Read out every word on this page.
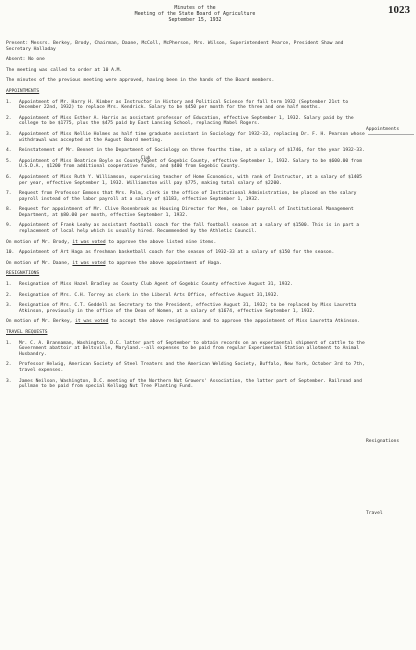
1023
Minutes of the
Meeting of the State Board of Agriculture
September 15, 1932
Appointments
Resignations
Travel

Present: Messrs. Berkey, Brody, Chairman, Daane, McColl, McPherson, Mrs. Wilson, Superintendent Pearce, President Shaw and Secretary Halladay

Absent: No one

The meeting was called to order at 10 A.M.

The minutes of the previous meeting were approved, having been in the hands of the Board members.

APPOINTMENTS
1.	Appointment of Mr. Harry H. Kimber as Instructor in History and Political Science for fall term 1932 (September 21st to December 22nd, 1932) to replace Mrs. Kendrick. Salary to be $450 per month for the three and one half months.
2.	Appointment of Miss Esther A. Harris as assistant professor of Education, effective September 1, 1932. Salary paid by the college to be $1775, plus the $475 paid by East Lansing School, replacing Mabel Rogers.
3.	Appointment of Miss Nellie Holmes as half time graduate assistant in Sociology for 1932-33, replacing Dr. F. H. Pearson whose withdrawal was accepted at the August Board meeting.
4.	Reinstatement of Mr. Bennet in the Department of Sociology on three fourths time, at a salary of $1746, for the year 1932-33.
5.	Appointment of Miss Beatrice Boyle as County
Club
/Agent of Gogebic County, effective September 1, 1932. Salary to be $600.00 from U.S.D.A., $1200 from additional cooperative funds, and $400 from Gogebic County.
6.	Appointment of Miss Ruth Y. Williamson, supervising teacher of Home Economics, with rank of Instructor, at a salary of $1405 per year, effective September 1, 1932. Williamston will pay $775, making total salary of $2200.
7.	Request from Professor Emmons that Mrs. Palm, clerk in the office of Institutional Administration, be placed on the salary payroll instead of the labor payroll at a salary of $1183, effective September 1, 1932.
8.	Request for appointment of Mr. Clive Rosenbrook as Housing Director for Men, on labor payroll of Institutional Management Department, at $80.00 per month, effective September 1, 1932.
9.	Appointment of Frank Leahy as assistant football coach for the fall football season at a salary of $1500. This is in part a replacement of local help which is usually hired. Recommended by the Athletic Council.

On motion of Mr. Brody, it was voted to approve the above listed nine items.

10.	Appointment of Art Haga as freshman basketball coach for the season of 1932-33 at a salary of $150 for the season.

On motion of Mr. Daane, it was voted to approve the above appointment of Haga.

RESIGNATIONS
1.	Resignation of Miss Hazel Bradley as County Club Agent of Gogebic County effective August 31, 1932.
2.	Resignation of Mrs. C.H. Torrey as clerk in the Liberal Arts Office, effective August 31,1932.
3.	Resignation of Mrs. C.T. Geddell as Secretary to the President, effective August 31, 1932; to be replaced by Miss Lauretta Atkinson, previously in the office of the Dean of Women, at a salary of $1674, effective September 1, 1932.

On motion of Mr. Berkey, it was voted to accept the above resignations and to approve the appointment of Miss Lauretta Atkinson.

TRAVEL REQUESTS
1.	Mr. C. A. Brannaman, Washington, D.C. latter part of September to obtain records on an experimental shipment of cattle to the Government abattoir at Beltsville, Maryland.--all expenses to be paid from regular Experimental Station allotment to Animal Husbandry.
2.	Professor Helwig, American Society of Steel Treaters and the American Welding Society, Buffalo, New York, October 3rd to 7th, travel expenses.
3.	James Neilson, Washington, D.C. meeting of the Northern Nut Growers' Association, the latter part of September. Railroad and pullman to be paid from special Kellogg Nut Tree Planting Fund.
